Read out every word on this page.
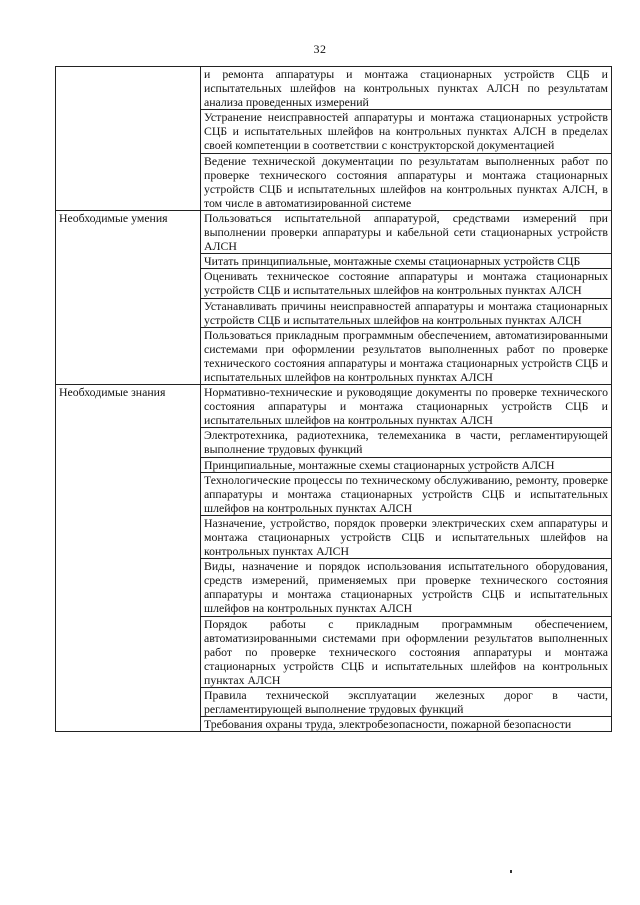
32
	и ремонта аппаратуры и монтажа стационарных устройств СЦБ и испытательных шлейфов на контрольных пунктах АЛСН по результатам анализа проведенных измерений
	Устранение неисправностей аппаратуры и монтажа стационарных устройств СЦБ и испытательных шлейфов на контрольных пунктах АЛСН в пределах своей компетенции в соответствии с конструкторской документацией
	Ведение технической документации по результатам выполненных работ по проверке технического состояния аппаратуры и монтажа стационарных устройств СЦБ и испытательных шлейфов на контрольных пунктах АЛСН, в том числе в автоматизированной системе
Необходимые умения	Пользоваться испытательной аппаратурой, средствами измерений при выполнении проверки аппаратуры и кабельной сети стационарных устройств АЛСН
	Читать принципиальные, монтажные схемы стационарных устройств СЦБ
	Оценивать техническое состояние аппаратуры и монтажа стационарных устройств СЦБ и испытательных шлейфов на контрольных пунктах АЛСН
	Устанавливать причины неисправностей аппаратуры и монтажа стационарных устройств СЦБ и испытательных шлейфов на контрольных пунктах АЛСН
	Пользоваться прикладным программным обеспечением, автоматизированными системами при оформлении результатов выполненных работ по проверке технического состояния аппаратуры и монтажа стационарных устройств СЦБ и испытательных шлейфов на контрольных пунктах АЛСН
Необходимые знания	Нормативно-технические и руководящие документы по проверке технического состояния аппаратуры и монтажа стационарных устройств СЦБ и испытательных шлейфов на контрольных пунктах АЛСН
	Электротехника, радиотехника, телемеханика в части, регламентирующей выполнение трудовых функций
	Принципиальные, монтажные схемы стационарных устройств АЛСН
	Технологические процессы по техническому обслуживанию, ремонту, проверке аппаратуры и монтажа стационарных устройств СЦБ и испытательных шлейфов на контрольных пунктах АЛСН
	Назначение, устройство, порядок проверки электрических схем аппаратуры и монтажа стационарных устройств СЦБ и испытательных шлейфов на контрольных пунктах АЛСН
	Виды, назначение и порядок использования испытательного оборудования, средств измерений, применяемых при проверке технического состояния аппаратуры и монтажа стационарных устройств СЦБ и испытательных шлейфов на контрольных пунктах АЛСН
	Порядок работы с прикладным программным обеспечением, автоматизированными системами при оформлении результатов выполненных работ по проверке технического состояния аппаратуры и монтажа стационарных устройств СЦБ и испытательных шлейфов на контрольных пунктах АЛСН
	Правила технической эксплуатации железных дорог в части, регламентирующей выполнение трудовых функций
	Требования охраны труда, электробезопасности, пожарной безопасности
